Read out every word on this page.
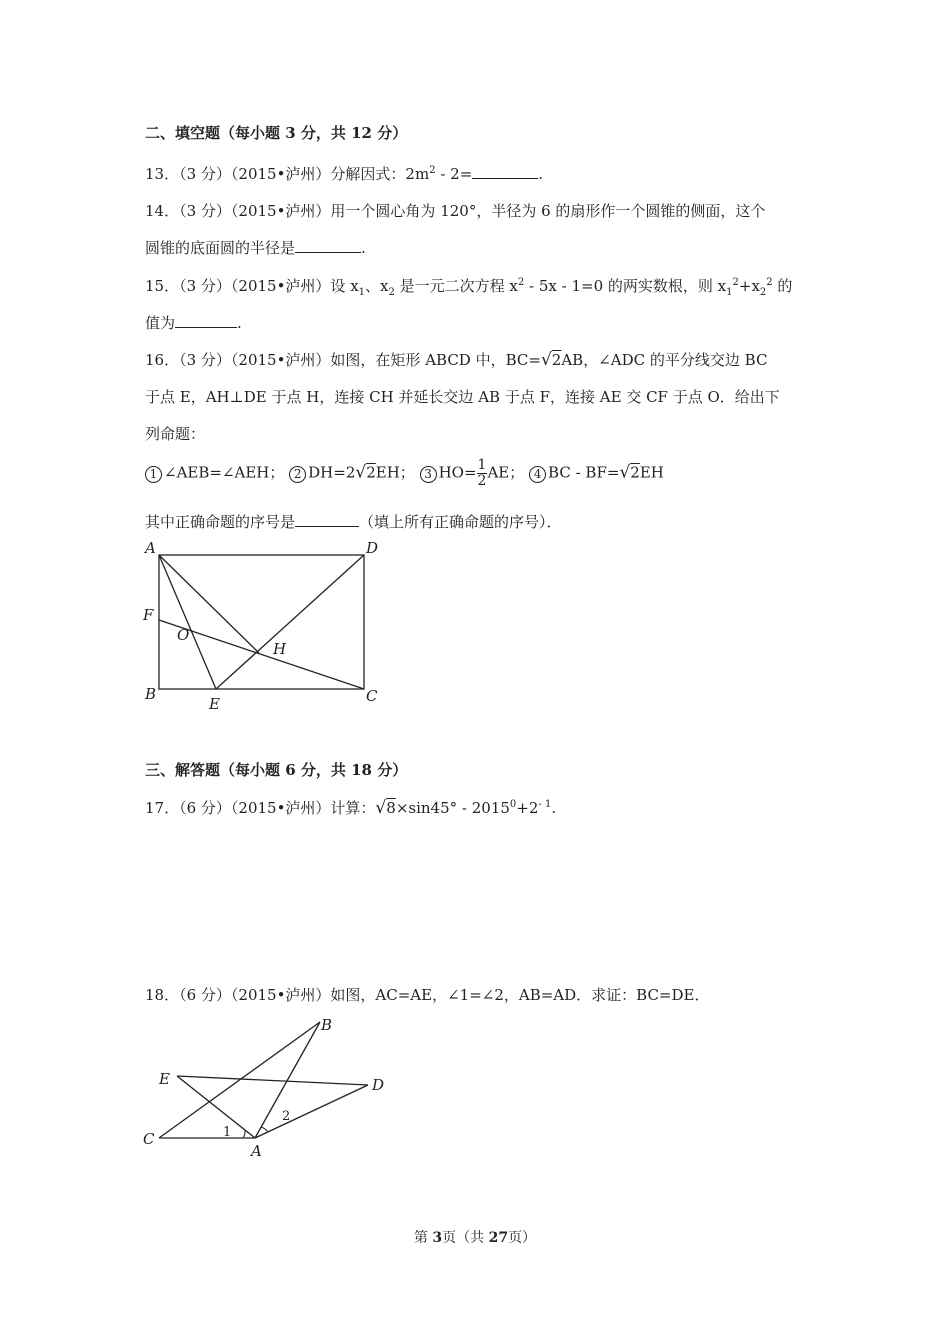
二、填空题（每小题 3 分，共 12 分）
13．（3 分）（2015•泸州）分解因式：$2m^2$ ‐ 2=	.
14．（3 分）（2015•泸州）用一个圆心角为 120°，半径为 6 的扇形作一个圆锥的侧面，这个
圆锥的底面圆的半径是	.
15．（3 分）（2015•泸州）设 $x_1$、$x_2$ 是一元二次方程 $x^2$ ‐ 5x ‐ 1=0 的两实数根，则 $x_1^2+x_2^2$ 的
值为	.
16．（3 分）（2015•泸州）如图，在矩形 ABCD 中，BC=√2AB，∠ADC 的平分线交边 BC
于点 E，AH⊥DE 于点 H，连接 CH 并延长交边 AB 于点 F，连接 AE 交 CF 于点 O．给出下
列命题：
1 ∠AEB=∠AEH； 2 DH=2√2EH； 3 $HO= \frac{1}{2}$ AE； 4 BC ‐ BF=√2EH
其中正确命题的序号是	（填上所有正确命题的序号）．
A	D
B	C
E
F
O
H
三、解答题（每小题 6 分，共 18 分）
17．（6 分）（2015•泸州）计算：√8×sin45° ‐ $2015^0+2^{‐ 1}$.
18．（6 分）（2015•泸州）如图，AC=AE，∠1=∠2，AB=AD．求证：BC=DE．
C
A
B
E	D
1
2
第 3页（共 27页）
